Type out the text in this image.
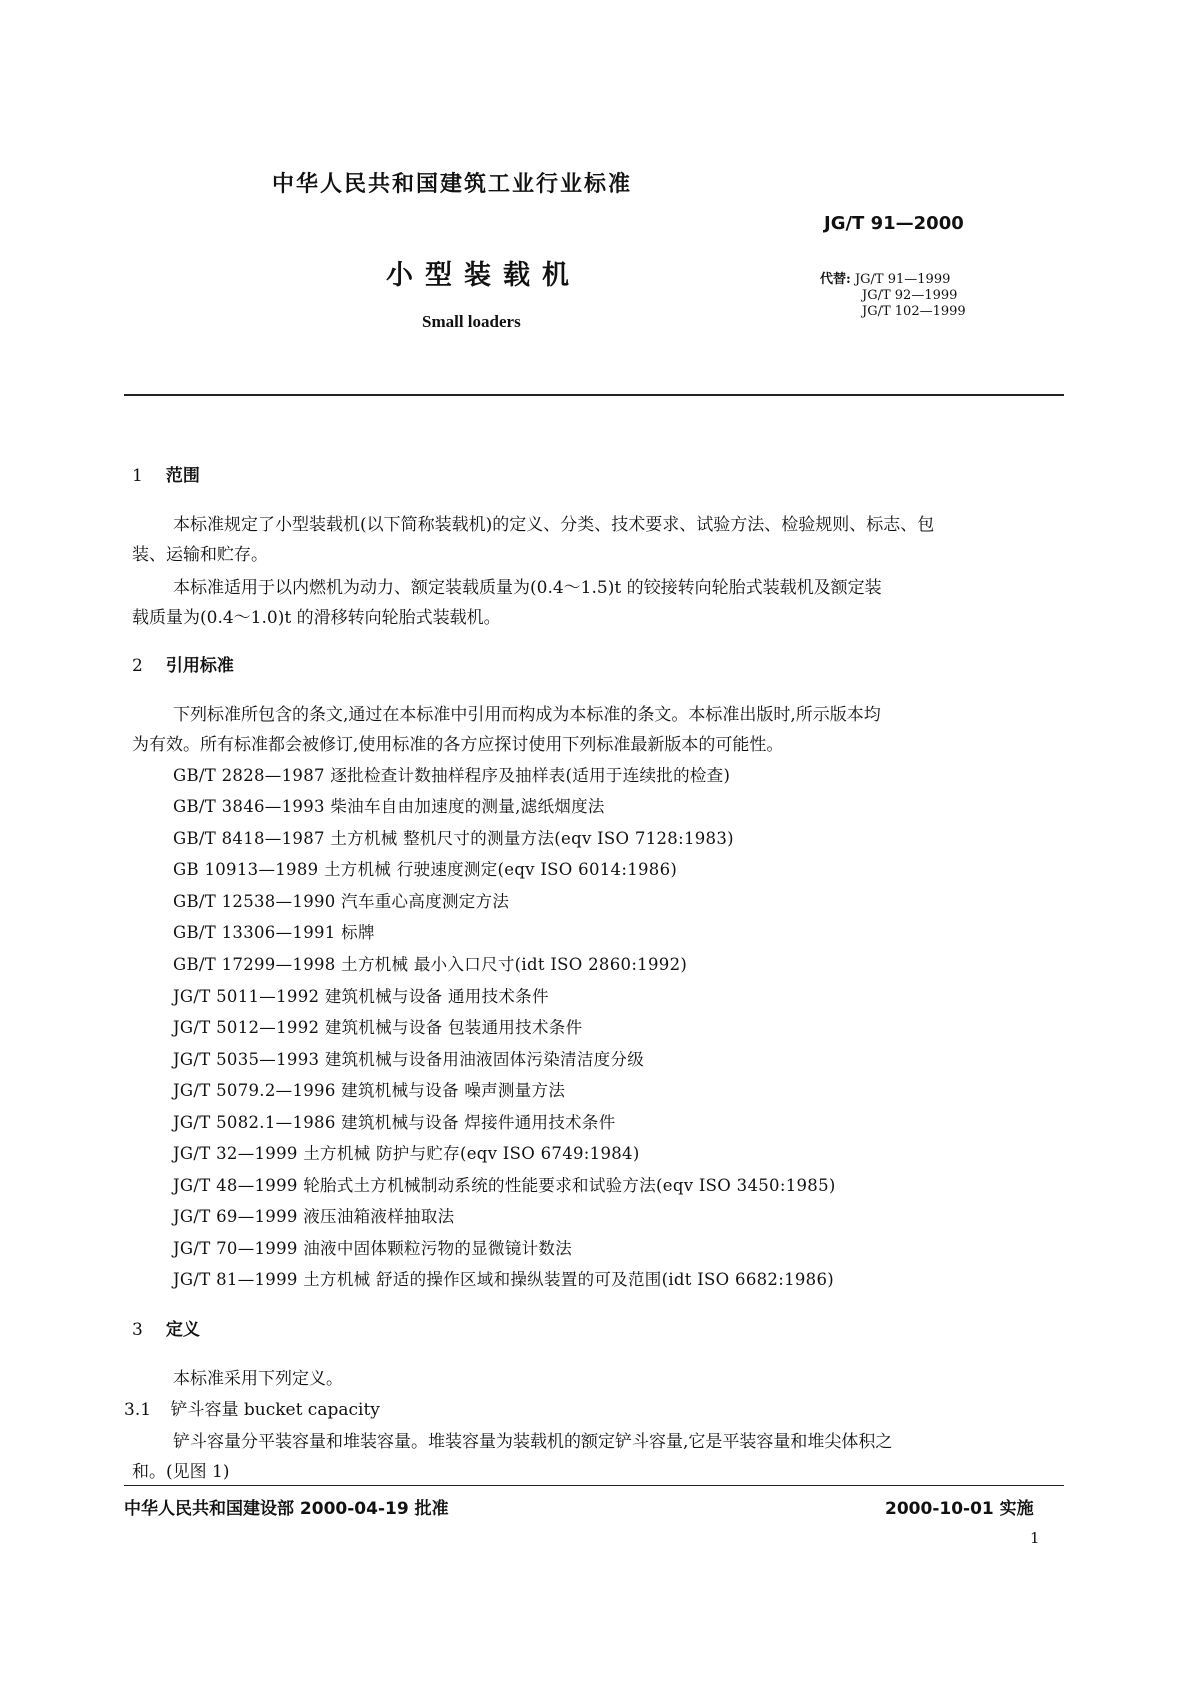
中华人民共和国建筑工业行业标准
JG/T 91—2000
小型装载机
Small loaders
代替: JG/T 91—1999
JG/T 92—1999
JG/T 102—1999
1 范围
本标准规定了小型装载机(以下简称装载机)的定义、分类、技术要求、试验方法、检验规则、标志、包
装、运输和贮存。
本标准适用于以内燃机为动力、额定装载质量为(0.4～1.5)t 的铰接转向轮胎式装载机及额定装
载质量为(0.4～1.0)t 的滑移转向轮胎式装载机。
2 引用标准
下列标准所包含的条文,通过在本标准中引用而构成为本标准的条文。本标准出版时,所示版本均
为有效。所有标准都会被修订,使用标准的各方应探讨使用下列标准最新版本的可能性。
GB/T 2828—1987 逐批检查计数抽样程序及抽样表(适用于连续批的检查)
GB/T 3846—1993 柴油车自由加速度的测量,滤纸烟度法
GB/T 8418—1987 土方机械 整机尺寸的测量方法(eqv ISO 7128:1983)
GB 10913—1989 土方机械 行驶速度测定(eqv ISO 6014:1986)
GB/T 12538—1990 汽车重心高度测定方法
GB/T 13306—1991 标牌
GB/T 17299—1998 土方机械 最小入口尺寸(idt ISO 2860:1992)
JG/T 5011—1992 建筑机械与设备 通用技术条件
JG/T 5012—1992 建筑机械与设备 包装通用技术条件
JG/T 5035—1993 建筑机械与设备用油液固体污染清洁度分级
JG/T 5079.2—1996 建筑机械与设备 噪声测量方法
JG/T 5082.1—1986 建筑机械与设备 焊接件通用技术条件
JG/T 32—1999 土方机械 防护与贮存(eqv ISO 6749:1984)
JG/T 48—1999 轮胎式土方机械制动系统的性能要求和试验方法(eqv ISO 3450:1985)
JG/T 69—1999 液压油箱液样抽取法
JG/T 70—1999 油液中固体颗粒污物的显微镜计数法
JG/T 81—1999 土方机械 舒适的操作区域和操纵装置的可及范围(idt ISO 6682:1986)
3 定义
本标准采用下列定义。
3.1 铲斗容量 bucket capacity
铲斗容量分平装容量和堆装容量。堆装容量为装载机的额定铲斗容量,它是平装容量和堆尖体积之
和。(见图 1)
中华人民共和国建设部 2000-04-19 批准	2000-10-01 实施
1
